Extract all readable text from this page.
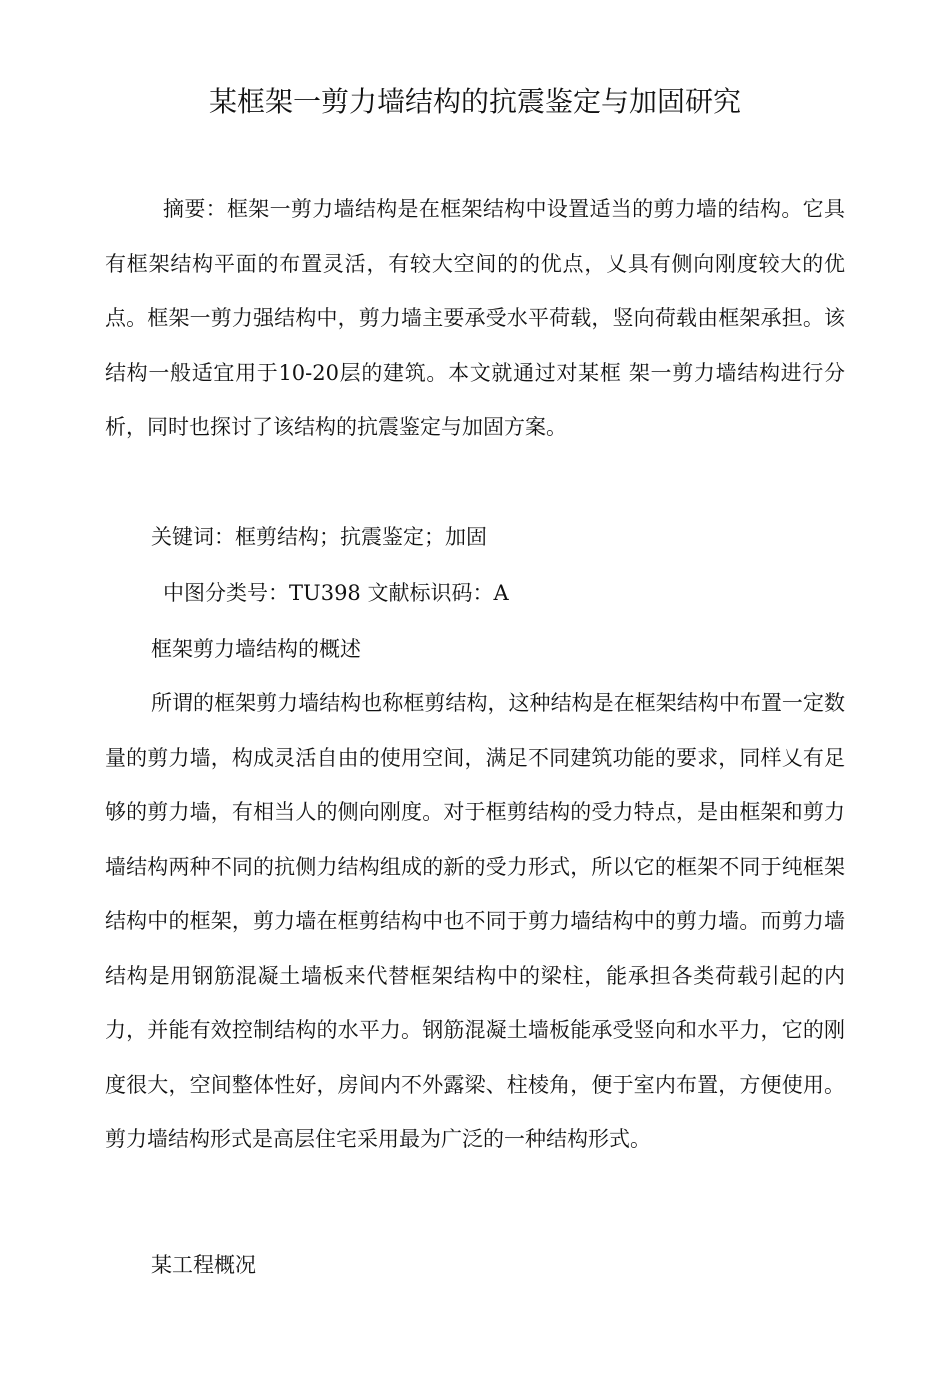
某框架一剪力墙结构的抗震鉴定与加固研究

摘要：框架一剪力墙结构是在框架结构中设置适当的剪力墙的结构。它具有框架结构平面的布置灵活，有较大空间的的优点，乂具有侧向刚度较大的优点。框架一剪力强结构中，剪力墙主要承受水平荷载，竖向荷载由框架承担。该结构一般适宜用于10-20层的建筑。本文就通过对某框 架一剪力墙结构进行分析，同时也探讨了该结构的抗震鉴定与加固方案。

关键词：框剪结构；抗震鉴定；加固
中图分类号：TU398 文献标识码：A
框架剪力墙结构的概述

所谓的框架剪力墙结构也称框剪结构，这种结构是在框架结构中布置一定数量的剪力墙，构成灵活自由的使用空间，满足不同建筑功能的要求，同样乂有足够的剪力墙，有相当人的侧向刚度。对于框剪结构的受力特点，是由框架和剪力墙结构两种不同的抗侧力结构组成的新的受力形式，所以它的框架不同于纯框架结构中的框架，剪力墙在框剪结构中也不同于剪力墙结构中的剪力墙。而剪力墙结构是用钢筋混凝土墙板来代替框架结构中的梁柱，能承担各类荷载引起的内力，并能有效控制结构的水平力。钢筋混凝土墙板能承受竖向和水平力，它的刚度很大，空间整体性好，房间内不外露梁、柱棱角，便于室内布置，方便使用。剪力墙结构形式是高层住宅采用最为广泛的一种结构形式。

某工程概况
